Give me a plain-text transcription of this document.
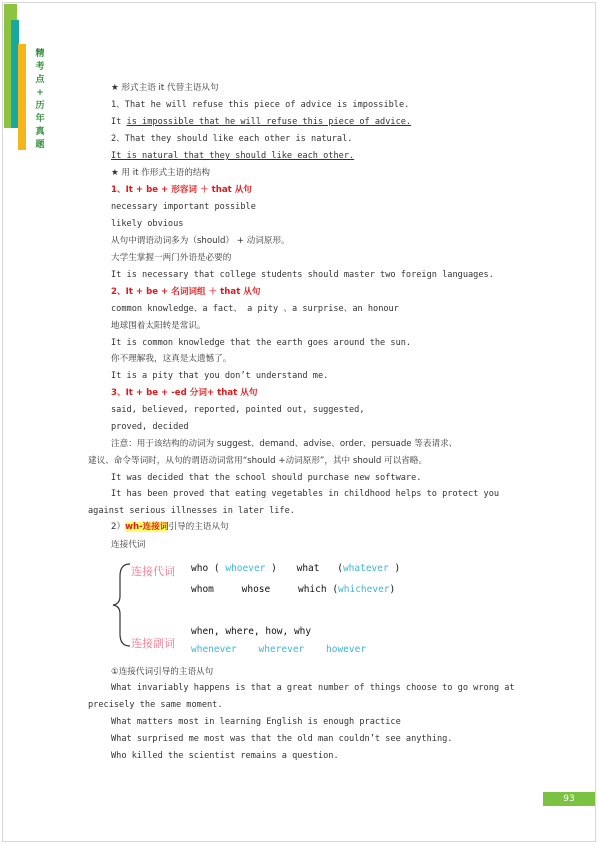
精
考
点
+
历
年
真
题
★ 形式主语 it 代替主语从句
1、That he will refuse this piece of advice is impossible.
It is impossible that he will refuse this piece of advice.
2、That they should like each other is natural.
It is natural that they should like each other.
★ 用 it 作形式主语的结构
1、It + be + 形容词 ＋ that 从句
necessary important possible
likely obvious
从句中谓语动词多为（should） + 动词原形。
大学生掌握一两门外语是必要的
It is necessary that college students should master two foreign languages.
2、It + be + 名词词组 ＋ that 从句
common knowledge、a fact、 a pity 、a surprise、an honour
地球围着太阳转是常识。
It is common knowledge that the earth goes around the sun.
你不理解我，这真是太遗憾了。
It is a pity that you don’t understand me.
3、It + be + -ed 分词+ that 从句
said, believed, reported, pointed out, suggested,
proved, decided
注意：用于该结构的动词为 suggest、demand、advise、order、persuade 等表请求、
建议、命令等词时，从句的谓语动词常用“should +动词原形”，其中 should 可以省略。
It was decided that the school should purchase new software.
It has been proved that eating vegetables in childhood helps to protect you
against serious illnesses in later life.
2）wh-连接词引导的主语从句
连接代词
连接代词
连接副词
who ( whoever ) what (whatever )
whom	whose	which (whichever)
when, where, how, why
whenever wherever however
①连接代词引导的主语从句
What invariably happens is that a great number of things choose to go wrong at
precisely the same moment.
What matters most in learning English is enough practice
What surprised me most was that the old man couldn’t see anything.
Who killed the scientist remains a question.
93
